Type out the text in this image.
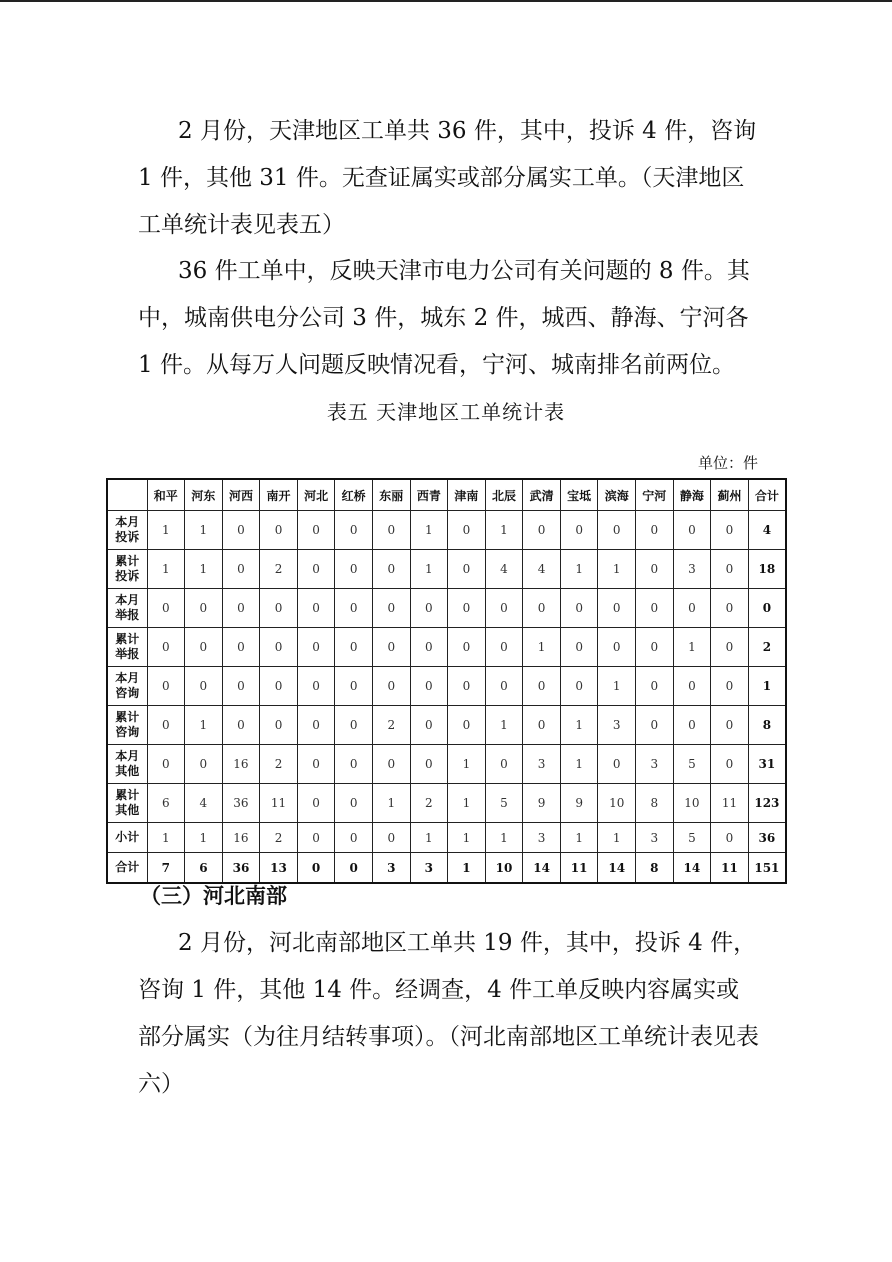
2 月份，天津地区工单共 36 件，其中，投诉 4 件，咨询 1 件，其他 31 件。无查证属实或部分属实工单。（天津地区工单统计表见表五）

36 件工单中，反映天津市电力公司有关问题的 8 件。其中，城南供电分公司 3 件，城东 2 件，城西、静海、宁河各 1 件。从每万人问题反映情况看，宁河、城南排名前两位。

表五 天津地区工单统计表
单位：件
	和平	河东	河西	南开	河北	红桥	东丽	西青	津南	北辰	武清	宝坻	滨海	宁河	静海	蓟州	合计
本月
投诉	1	1	0	0	0	0	0	1	0	1	0	0	0	0	0	0	4
累计
投诉	1	1	0	2	0	0	0	1	0	4	4	1	1	0	3	0	18
本月
举报	0	0	0	0	0	0	0	0	0	0	0	0	0	0	0	0	0
累计
举报	0	0	0	0	0	0	0	0	0	0	1	0	0	0	1	0	2
本月
咨询	0	0	0	0	0	0	0	0	0	0	0	0	1	0	0	0	1
累计
咨询	0	1	0	0	0	0	2	0	0	1	0	1	3	0	0	0	8
本月
其他	0	0	16	2	0	0	0	0	1	0	3	1	0	3	5	0	31
累计
其他	6	4	36	11	0	0	1	2	1	5	9	9	10	8	10	11	123
小计	1	1	16	2	0	0	0	1	1	1	3	1	1	3	5	0	36
合计	7	6	36	13	0	0	3	3	1	10	14	11	14	8	14	11	151
（三）河北南部

2 月份，河北南部地区工单共 19 件，其中，投诉 4 件，咨询 1 件，其他 14 件。经调查，4 件工单反映内容属实或部分属实（为往月结转事项）。（河北南部地区工单统计表见表六）
